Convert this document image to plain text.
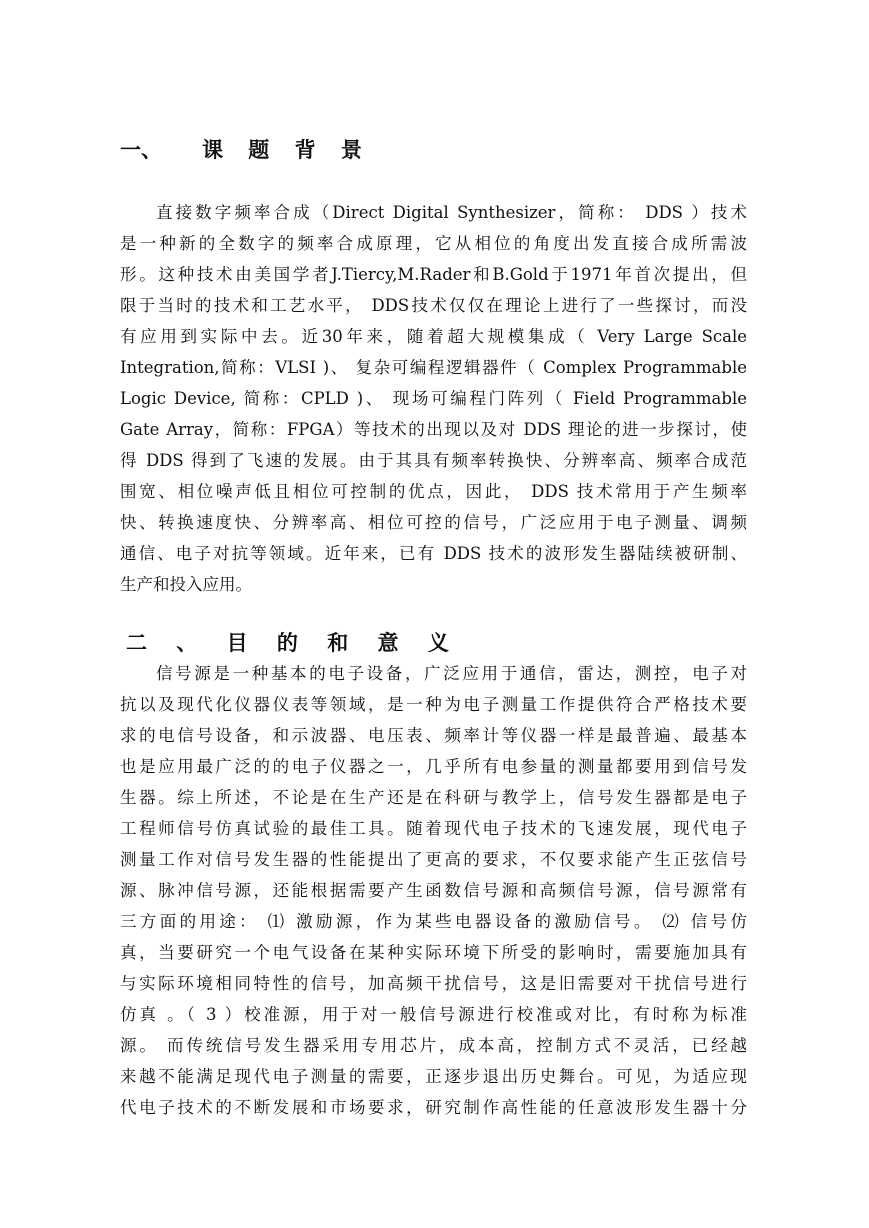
一、 课 题 背 景
直接数字频率合成（Direct Digital Synthesizer，简称： DDS ）技术
是一种新的全数字的频率合成原理，它从相位的角度出发直接合成所需波
形。这种技术由美国学者J.Tiercy,M.Rader和B.Gold于1971年首次提出，但
限于当时的技术和工艺水平， DDS技术仅仅在理论上进行了一些探讨，而没
有应用到实际中去。近30年来，随着超大规模集成（ Very Large Scale
Integration,简称：VLSI )、 复杂可编程逻辑器件（ Complex Programmable
Logic Device, 简称：CPLD )、 现场可编程门阵列（ Field Programmable
Gate Array，简称：FPGA）等技术的出现以及对 DDS 理论的进一步探讨，使
得 DDS 得到了飞速的发展。由于其具有频率转换快、分辨率高、频率合成范
围宽、相位噪声低且相位可控制的优点，因此， DDS 技术常用于产生频率
快、转换速度快、分辨率高、相位可控的信号，广泛应用于电子测量、调频
通信、电子对抗等领域。近年来，已有 DDS 技术的波形发生器陆续被研制、
生产和投入应用。
二 、 目 的 和 意 义
信号源是一种基本的电子设备，广泛应用于通信，雷达，测控，电子对
抗以及现代化仪器仪表等领域，是一种为电子测量工作提供符合严格技术要
求的电信号设备，和示波器、电压表、频率计等仪器一样是最普遍、最基本
也是应用最广泛的的电子仪器之一，几乎所有电参量的测量都要用到信号发
生器。综上所述，不论是在生产还是在科研与教学上，信号发生器都是电子
工程师信号仿真试验的最佳工具。随着现代电子技术的飞速发展，现代电子
测量工作对信号发生器的性能提出了更高的要求，不仅要求能产生正弦信号
源、脉冲信号源，还能根据需要产生函数信号源和高频信号源，信号源常有
三方面的用途： ⑴ 激励源，作为某些电器设备的激励信号。 ⑵ 信号仿
真，当要研究一个电气设备在某种实际环境下所受的影响时，需要施加具有
与实际环境相同特性的信号，加高频干扰信号，这是旧需要对干扰信号进行
仿真 。（ 3 ）校准源，用于对一般信号源进行校准或对比，有时称为标准
源。 而传统信号发生器采用专用芯片，成本高，控制方式不灵活，已经越
来越不能满足现代电子测量的需要，正逐步退出历史舞台。可见，为适应现
代电子技术的不断发展和市场要求，研究制作高性能的任意波形发生器十分
